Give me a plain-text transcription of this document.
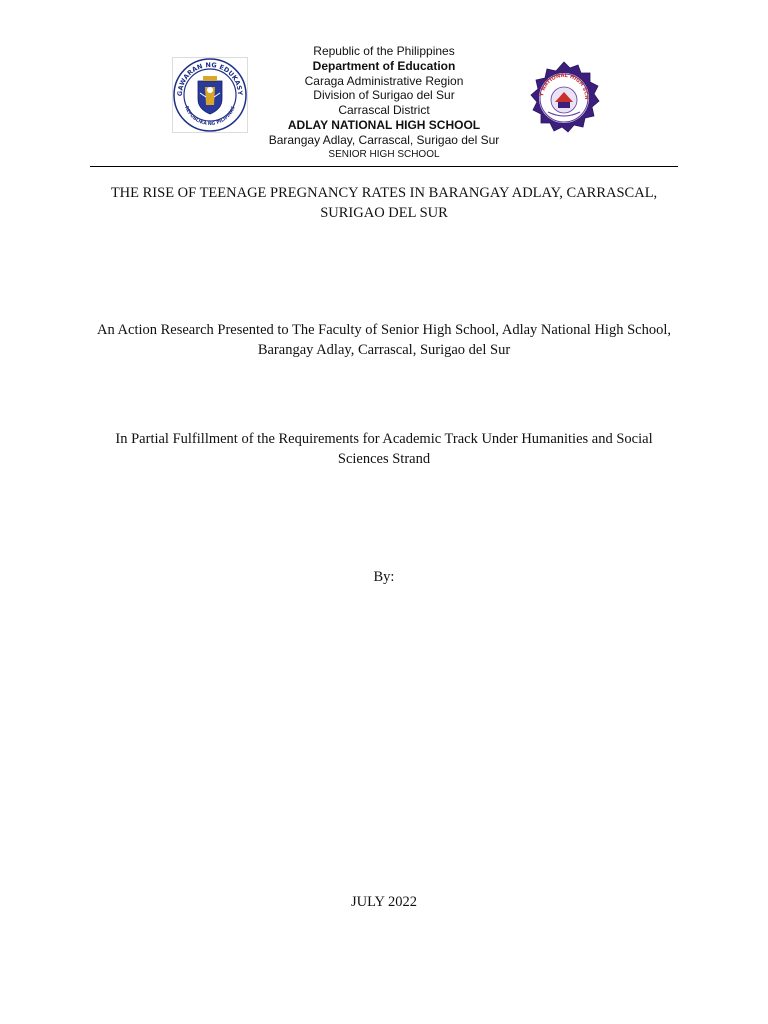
GAWARAN NG EDUKASY
REPUBLIKA NG PILIPINAS
Republic of the Philippines
Department of Education
Caraga Administrative Region
Division of Surigao del Sur
Carrascal District
ADLAY NATIONAL HIGH SCHOOL
Barangay Adlay, Carrascal, Surigao del Sur
SENIOR HIGH SCHOOL
Y NATIONAL HIGH SCH
THE RISE OF TEENAGE PREGNANCY RATES IN BARANGAY ADLAY, CARRASCAL, SURIGAO DEL SUR
An Action Research Presented to The Faculty of Senior High School, Adlay National High School, Barangay Adlay, Carrascal, Surigao del Sur
In Partial Fulfillment of the Requirements for Academic Track Under Humanities and Social Sciences Strand
By:
JULY 2022
